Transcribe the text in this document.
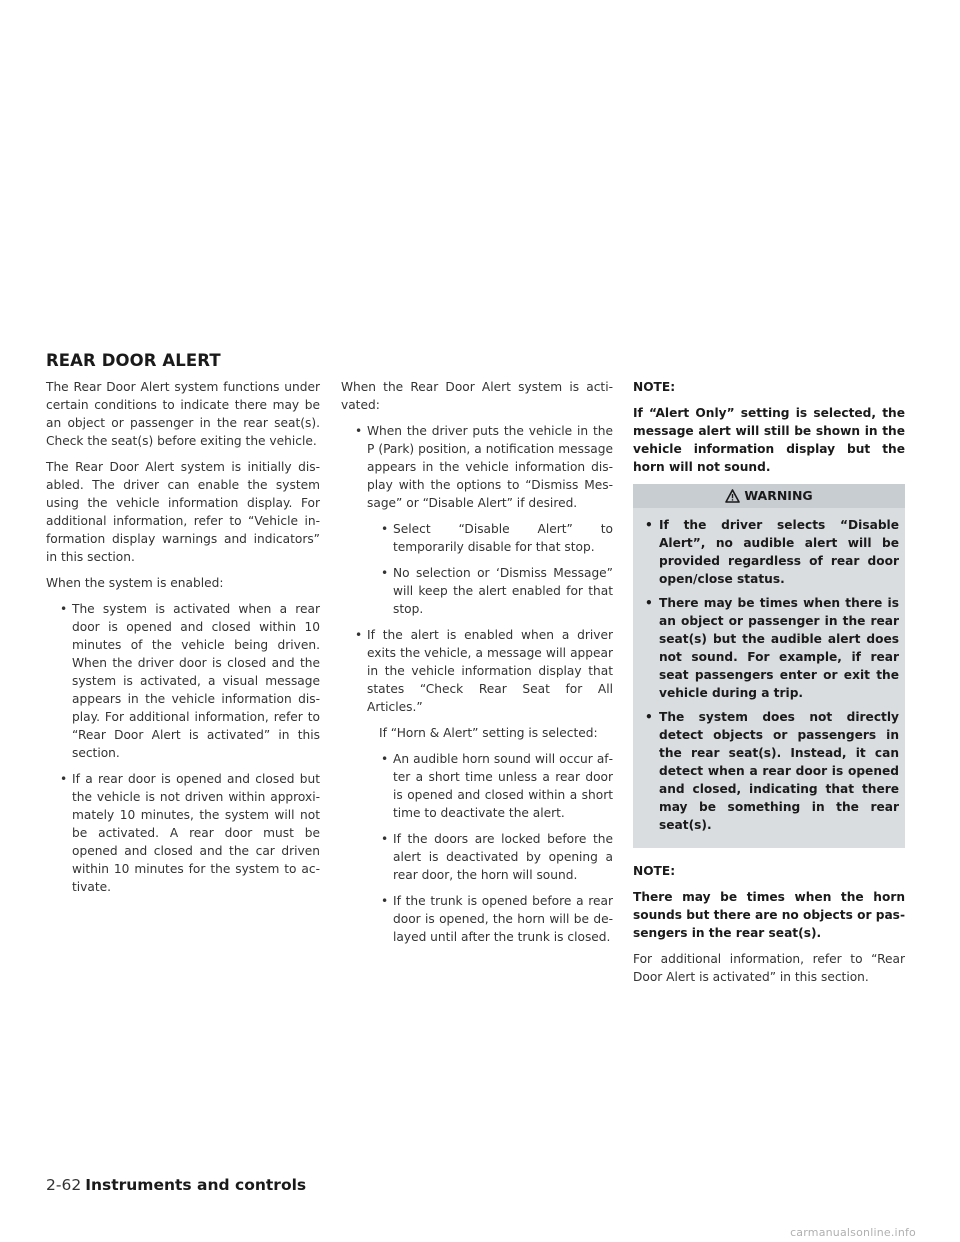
REAR DOOR ALERT

The Rear Door Alert system functions under certain conditions to indicate there may be an object or passenger in the rear seat(s). Check the seat(s) before exiting the vehicle.

The Rear Door Alert system is initially disabled. The driver can enable the system using the vehicle information display. For additional information, refer to “Vehicle information display warnings and indicators” in this section.

When the system is enabled:

• The system is activated when a rear door is opened and closed within 10 minutes of the vehicle being driven. When the driver door is closed and the system is activated, a visual message appears in the vehicle information display. For additional information, refer to “Rear Door Alert is activated” in this section.
• If a rear door is opened and closed but the vehicle is not driven within approximately 10 minutes, the system will not be activated. A rear door must be opened and closed and the car driven within 10 minutes for the system to activate.

When the Rear Door Alert system is activated:

• When the driver puts the vehicle in the P (Park) position, a notification message appears in the vehicle information display with the options to “Dismiss Message” or “Disable Alert” if desired.
• Select “Disable Alert” to temporarily disable for that stop.
• No selection or ‘Dismiss Message” will keep the alert enabled for that stop.
• If the alert is enabled when a driver exits the vehicle, a message will appear in the vehicle information display that states “Check Rear Seat for All Articles.”
If “Horn & Alert” setting is selected:
• An audible horn sound will occur after a short time unless a rear door is opened and closed within a short time to deactivate the alert.
• If the doors are locked before the alert is deactivated by opening a rear door, the horn will sound.
• If the trunk is opened before a rear door is opened, the horn will be delayed until after the trunk is closed.
NOTE:

If “Alert Only” setting is selected, the message alert will still be shown in the vehicle information display but the horn will not sound.

WARNING
• If the driver selects “Disable Alert”, no audible alert will be provided regardless of rear door open/close status.
• There may be times when there is an object or passenger in the rear seat(s) but the audible alert does not sound. For example, if rear seat passengers enter or exit the vehicle during a trip.
• The system does not directly detect objects or passengers in the rear seat(s). Instead, it can detect when a rear door is opened and closed, indicating that there may be something in the rear seat(s).
NOTE:

There may be times when the horn sounds but there are no objects or passengers in the rear seat(s).

For additional information, refer to “Rear Door Alert is activated” in this section.

2-62 Instruments and controls
carmanualsonline.info
